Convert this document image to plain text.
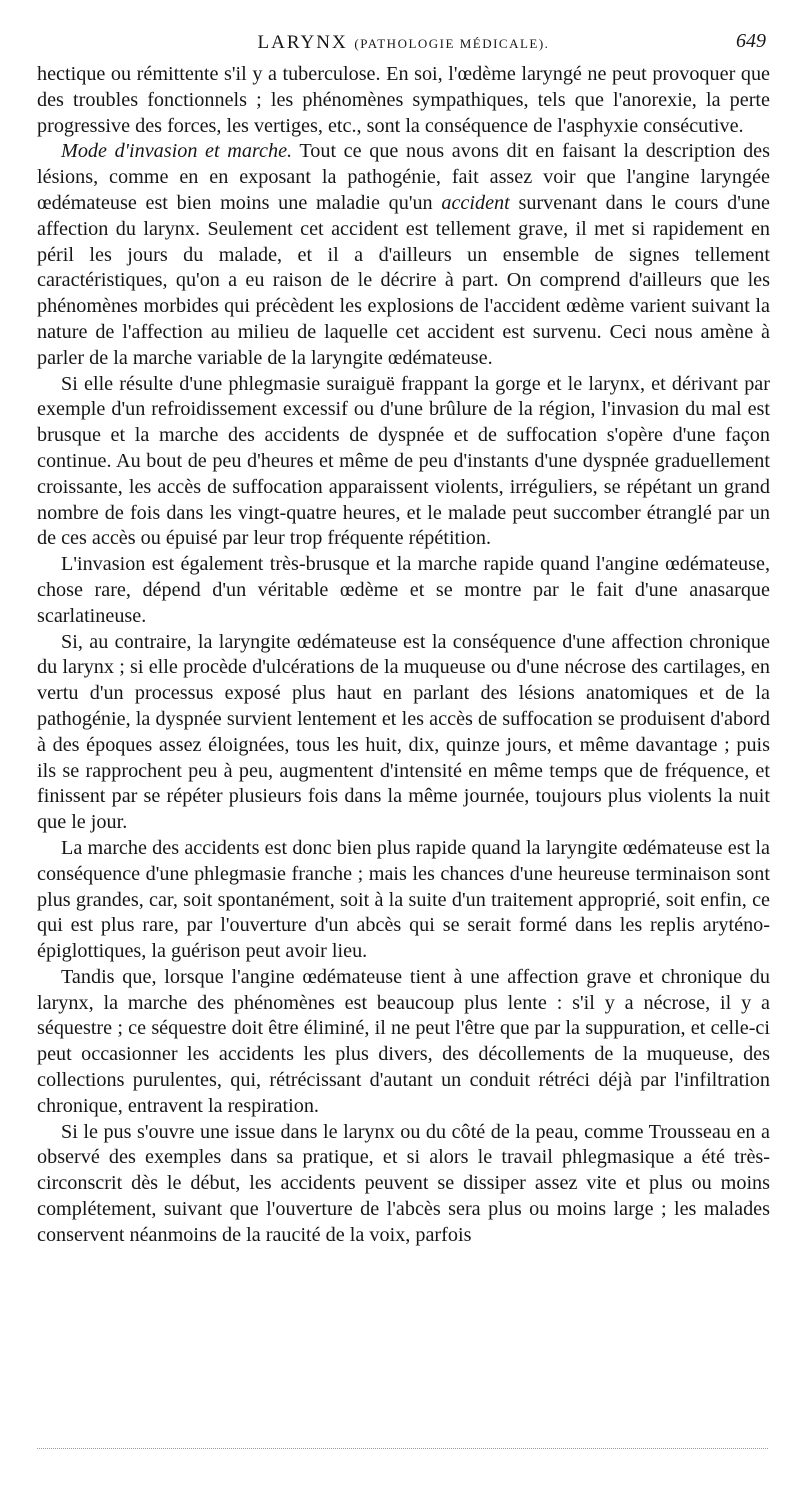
LARYNX (PATHOLOGIE MÉDICALE).	649

hectique ou rémittente s'il y a tuberculose. En soi, l'œdème laryngé ne peut provoquer que des troubles fonctionnels ; les phénomènes sympathiques, tels que l'anorexie, la perte progressive des forces, les vertiges, etc., sont la conséquence de l'asphyxie consécutive.

Mode d'invasion et marche. Tout ce que nous avons dit en faisant la description des lésions, comme en en exposant la pathogénie, fait assez voir que l'angine laryngée œdémateuse est bien moins une maladie qu'un accident survenant dans le cours d'une affection du larynx. Seulement cet accident est tellement grave, il met si rapidement en péril les jours du malade, et il a d'ailleurs un ensemble de signes tellement caractéristiques, qu'on a eu raison de le décrire à part. On comprend d'ailleurs que les phénomènes morbides qui précèdent les explosions de l'accident œdème varient suivant la nature de l'affection au milieu de laquelle cet accident est survenu. Ceci nous amène à parler de la marche variable de la laryngite œdémateuse.

Si elle résulte d'une phlegmasie suraiguë frappant la gorge et le larynx, et dérivant par exemple d'un refroidissement excessif ou d'une brûlure de la région, l'invasion du mal est brusque et la marche des accidents de dyspnée et de suffocation s'opère d'une façon continue. Au bout de peu d'heures et même de peu d'instants d'une dyspnée graduellement croissante, les accès de suffocation apparaissent violents, irréguliers, se répétant un grand nombre de fois dans les vingt-quatre heures, et le malade peut succomber étranglé par un de ces accès ou épuisé par leur trop fréquente répétition.

L'invasion est également très-brusque et la marche rapide quand l'angine œdémateuse, chose rare, dépend d'un véritable œdème et se montre par le fait d'une anasarque scarlatineuse.

Si, au contraire, la laryngite œdémateuse est la conséquence d'une affection chronique du larynx ; si elle procède d'ulcérations de la muqueuse ou d'une nécrose des cartilages, en vertu d'un processus exposé plus haut en parlant des lésions anatomiques et de la pathogénie, la dyspnée survient lentement et les accès de suffocation se produisent d'abord à des époques assez éloignées, tous les huit, dix, quinze jours, et même davantage ; puis ils se rapprochent peu à peu, augmentent d'intensité en même temps que de fréquence, et finissent par se répéter plusieurs fois dans la même journée, toujours plus violents la nuit que le jour.

La marche des accidents est donc bien plus rapide quand la laryngite œdémateuse est la conséquence d'une phlegmasie franche ; mais les chances d'une heureuse terminaison sont plus grandes, car, soit spontanément, soit à la suite d'un traitement approprié, soit enfin, ce qui est plus rare, par l'ouverture d'un abcès qui se serait formé dans les replis aryténo-épiglottiques, la guérison peut avoir lieu.

Tandis que, lorsque l'angine œdémateuse tient à une affection grave et chronique du larynx, la marche des phénomènes est beaucoup plus lente : s'il y a nécrose, il y a séquestre ; ce séquestre doit être éliminé, il ne peut l'être que par la suppuration, et celle-ci peut occasionner les accidents les plus divers, des décollements de la muqueuse, des collections purulentes, qui, rétrécissant d'autant un conduit rétréci déjà par l'infiltration chronique, entravent la respiration.

Si le pus s'ouvre une issue dans le larynx ou du côté de la peau, comme Trousseau en a observé des exemples dans sa pratique, et si alors le travail phlegmasique a été très-circonscrit dès le début, les accidents peuvent se dissiper assez vite et plus ou moins complétement, suivant que l'ouverture de l'abcès sera plus ou moins large ; les malades conservent néanmoins de la raucité de la voix, parfois
